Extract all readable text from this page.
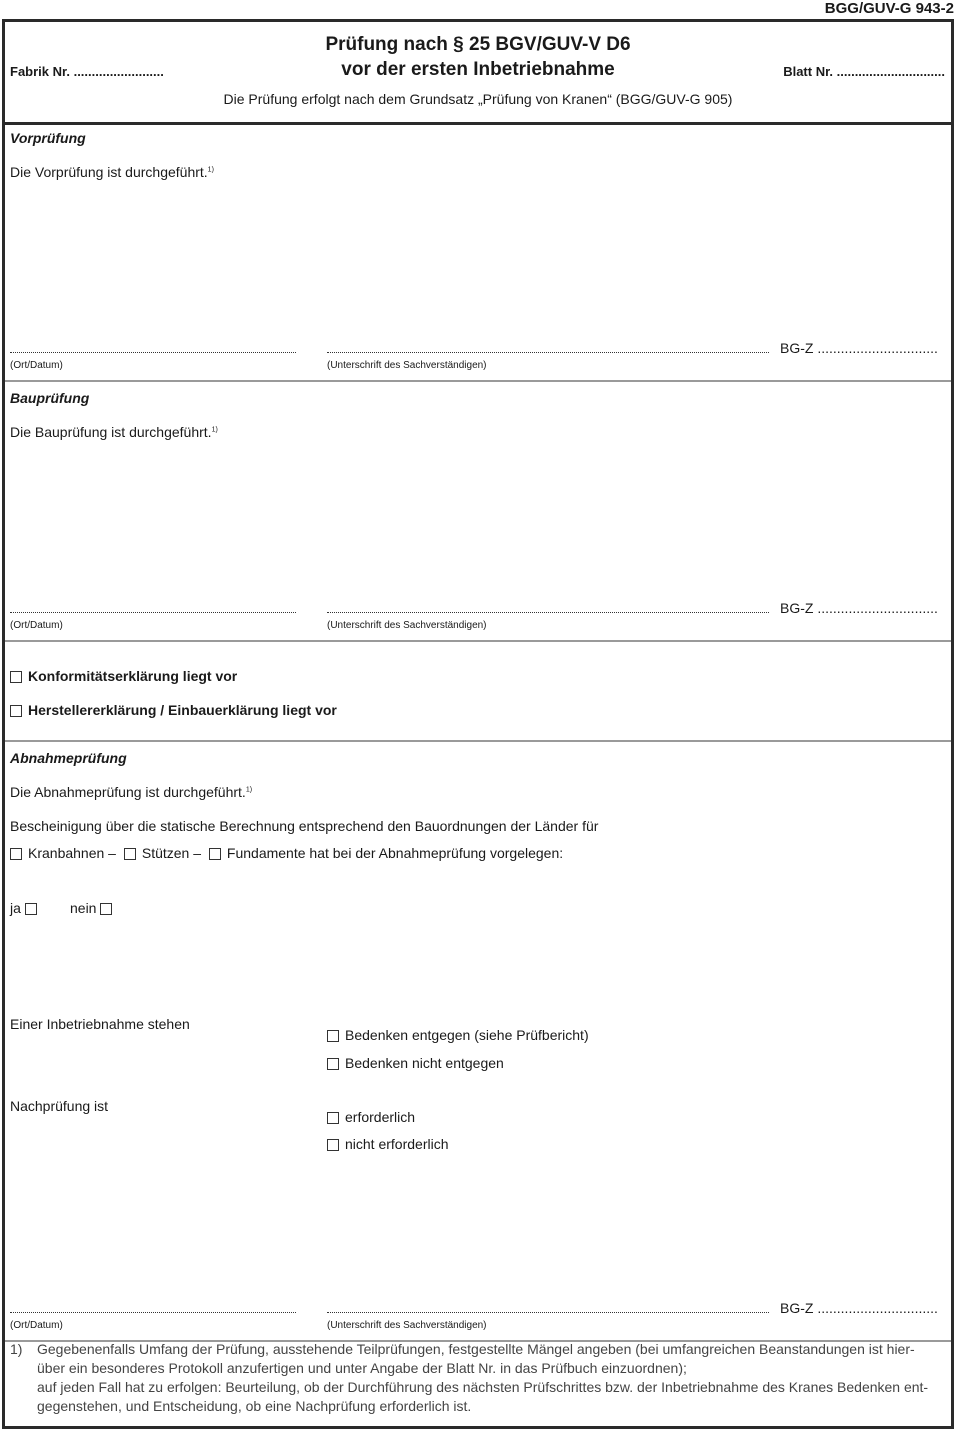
BGG/GUV-G 943-2
Prüfung nach § 25 BGV/GUV-V D6
vor der ersten Inbetriebnahme
Die Prüfung erfolgt nach dem Grundsatz „Prüfung von Kranen“ (BGG/GUV-G 905)
Fabrik Nr. .........................	Blatt Nr. ..............................
Vorprüfung
Die Vorprüfung ist durchgeführt.$^{1)}$
BG-Z ...............................
(Ort/Datum)	(Unterschrift des Sachverständigen)
Bauprüfung
Die Bauprüfung ist durchgeführt.$^{1)}$
BG-Z ...............................
(Ort/Datum)	(Unterschrift des Sachverständigen)
Konformitätserklärung liegt vor
Herstellererklärung / Einbauerklärung liegt vor
Abnahmeprüfung
Die Abnahmeprüfung ist durchgeführt.$^{1)}$
Bescheinigung über die statische Berechnung entsprechend den Bauordnungen der Länder für
Kranbahnen – Stützen – Fundamente hat bei der Abnahmeprüfung vorgelegen:
ja	nein
Einer Inbetriebnahme stehen
Bedenken entgegen (siehe Prüfbericht)
Bedenken nicht entgegen
Nachprüfung ist
erforderlich
nicht erforderlich
BG-Z ...............................
(Ort/Datum)	(Unterschrift des Sachverständigen)
1) Gegebenenfalls Umfang der Prüfung, ausstehende Teilprüfungen, festgestellte Mängel angeben (bei umfangreichen Beanstandungen ist hier-
über ein besonderes Protokoll anzufertigen und unter Angabe der Blatt Nr. in das Prüfbuch einzuordnen);
auf jeden Fall hat zu erfolgen: Beurteilung, ob der Durchführung des nächsten Prüfschrittes bzw. der Inbetriebnahme des Kranes Bedenken ent-
gegenstehen, und Entscheidung, ob eine Nachprüfung erforderlich ist.
